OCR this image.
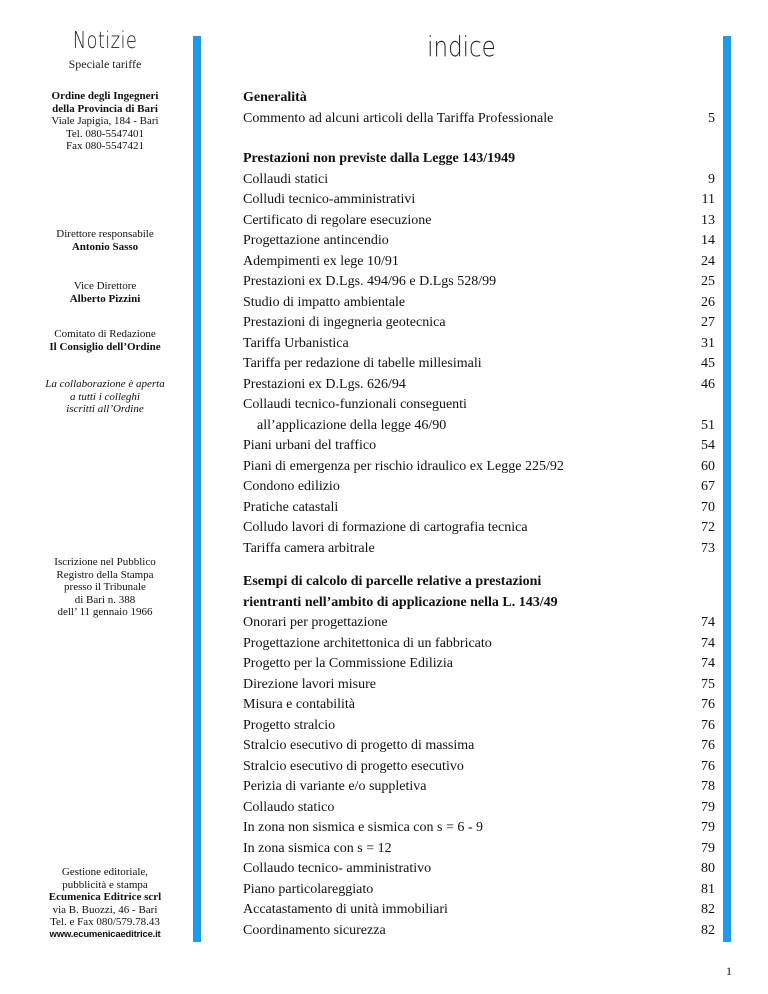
Notizie
Speciale tariffe
Ordine degli Ingegneri
della Provincia di Bari
Viale Japigia, 184 - Bari
Tel. 080-5547401
Fax 080-5547421
Direttore responsabile
Antonio Sasso
Vice Direttore
Alberto Pizzini
Comitato di Redazione
Il Consiglio dell’Ordine
La collaborazione è aperta
a tutti i colleghi
iscritti all’Ordine
Iscrizione nel Pubblico
Registro della Stampa
presso il Tribunale
di Bari n. 388
dell’ 11 gennaio 1966
Gestione editoriale,
pubblicità e stampa
Ecumenica Editrice scrl
via B. Buozzi, 46 - Bari
Tel. e Fax 080/579.78.43
www.ecumenicaeditrice.it
indice
Generalità
Commento ad alcuni articoli della Tariffa Professionale	5
Prestazioni non previste dalla Legge 143/1949
Collaudi statici	9
Colludi tecnico-amministrativi	11
Certificato di regolare esecuzione	13
Progettazione antincendio	14
Adempimenti ex lege 10/91	24
Prestazioni ex D.Lgs. 494/96 e D.Lgs 528/99	25
Studio di impatto ambientale	26
Prestazioni di ingegneria geotecnica	27
Tariffa Urbanistica	31
Tariffa per redazione di tabelle millesimali	45
Prestazioni ex D.Lgs. 626/94	46
Collaudi tecnico-funzionali conseguenti
all’applicazione della legge 46/90	51
Piani urbani del traffico	54
Piani di emergenza per rischio idraulico ex Legge 225/92	60
Condono edilizio	67
Pratiche catastali	70
Colludo lavori di formazione di cartografia tecnica	72
Tariffa camera arbitrale	73
Esempi di calcolo di parcelle relative a prestazioni
rientranti nell’ambito di applicazione nella L. 143/49
Onorari per progettazione	74
Progettazione architettonica di un fabbricato	74
Progetto per la Commissione Edilizia	74
Direzione lavori misure	75
Misura e contabilità	76
Progetto stralcio	76
Stralcio esecutivo di progetto di massima	76
Stralcio esecutivo di progetto esecutivo	76
Perizia di variante e/o suppletiva	78
Collaudo statico	79
In zona non sismica e sismica con s = 6 - 9	79
In zona sismica con s = 12	79
Collaudo tecnico- amministrativo	80
Piano particolareggiato	81
Accatastamento di unità immobiliari	82
Coordinamento sicurezza	82
1
